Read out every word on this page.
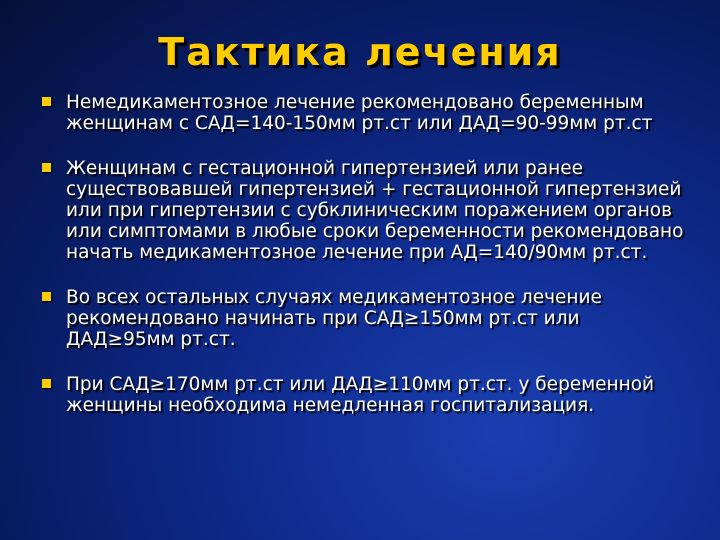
Тактика лечения
Немедикаментозное лечение рекомендовано беременным женщинам с САД=140-150мм рт.ст или ДАД=90-99мм рт.ст
Женщинам с гестационной гипертензией или ранее существовавшей гипертензией + гестационной гипертензией или при гипертензии с субклиническим поражением органов или симптомами в любые сроки беременности рекомендовано начать медикаментозное лечение при АД=140/90мм рт.ст.
Во всех остальных случаях медикаментозное лечение рекомендовано начинать при САД≥150мм рт.ст или ДАД≥95мм рт.ст.
При САД≥170мм рт.ст или ДАД≥110мм рт.ст. у беременной женщины необходима немедленная госпитализация.
